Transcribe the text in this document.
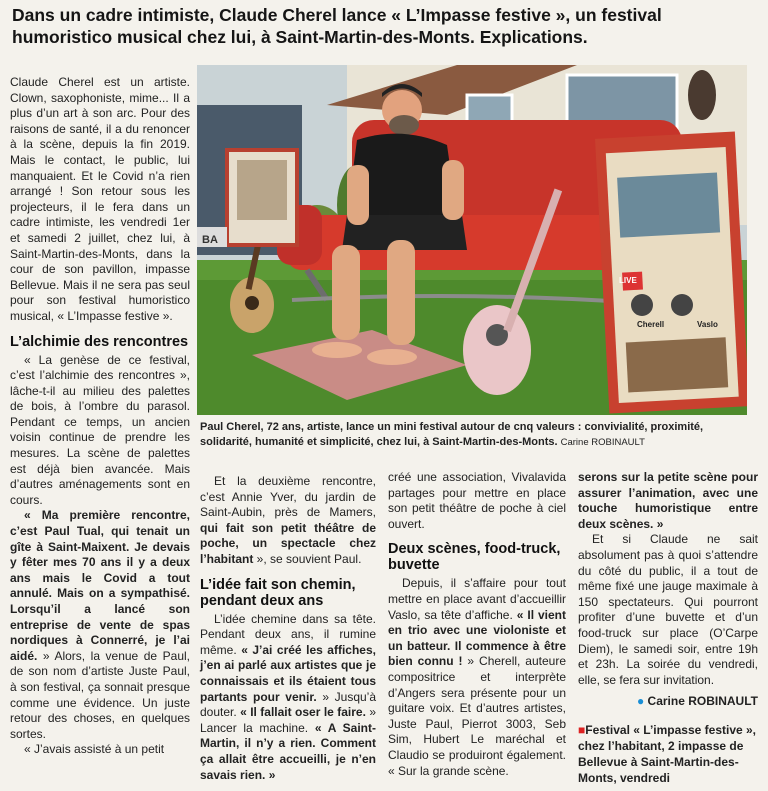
Dans un cadre intimiste, Claude Cherel lance « L’Impasse festive », un festival humoristico musical chez lui, à Saint-Martin-des-Monts. Explications.

Claude Cherel est un artiste. Clown, saxophoniste, mime... Il a plus d’un art à son arc. Pour des raisons de santé, il a du renoncer à la scène, depuis la fin 2019. Mais le contact, le public, lui manquaient. Et le Covid n’a rien arrangé ! Son retour sous les projecteurs, il le fera dans un cadre intimiste, les vendredi 1er et samedi 2 juillet, chez lui, à Saint-Martin-des-Monts, dans la cour de son pavillon, impasse Bellevue. Mais il ne sera pas seul pour son festival humoristico musical, « L’Impasse festive ».

L’alchimie des rencontres

« La genèse de ce festival, c’est l’alchimie des rencontres », lâche-t-il au milieu des palettes de bois, à l’ombre du parasol. Pendant ce temps, un ancien voisin continue de prendre les mesures. La scène de palettes est déjà bien avancée. Mais d’autres aménagements sont en cours.

« Ma première rencontre, c’est Paul Tual, qui tenait un gîte à Saint-Maixent. Je devais y fêter mes 70 ans il y a deux ans mais le Covid a tout annulé. Mais on a sympathisé. Lorsqu’il a lancé son entreprise de vente de spas nordiques à Connerré, je l’ai aidé. » Alors, la venue de Paul, de son nom d’artiste Juste Paul, à son festival, ça sonnait presque comme une évidence. Un juste retour des choses, en quelques sortes.

« J’avais assisté à un petit

BA
LIVE
Cherell	Vaslo
Paul Cherel, 72 ans, artiste, lance un mini festival autour de cnq valeurs : convivialité, proximité, solidarité, humanité et simplicité, chez lui, à Saint-Martin-des-Monts. Carine ROBINAULT

Et la deuxième rencontre, c’est Annie Yver, du jardin de Saint-Aubin, près de Mamers, qui fait son petit théâtre de poche, un spectacle chez l’habitant », se souvient Paul.

L’idée fait son chemin, pendant deux ans

L’idée chemine dans sa tête. Pendant deux ans, il rumine même. « J’ai créé les affiches, j’en ai parlé aux artistes que je connaissais et ils étaient tous partants pour venir. » Jusqu’à douter. « Il fallait oser le faire. » Lancer la machine. « A Saint-Martin, il n’y a rien. Comment ça allait être accueilli, je n’en savais rien. »

créé une association, Vivalavida partages pour mettre en place son petit théâtre de poche à ciel ouvert.

Deux scènes, food-truck, buvette

Depuis, il s’affaire pour tout mettre en place avant d’accueillir Vaslo, sa tête d’affiche. « Il vient en trio avec une violoniste et un batteur. Il commence à être bien connu ! » Cherell, auteure compositrice et interprète d’Angers sera présente pour un guitare voix. Et d’autres artistes, Juste Paul, Pierrot 3003, Seb Sim, Hubert Le maréchal et Claudio se produiront également. « Sur la grande scène.

serons sur la petite scène pour assurer l’animation, avec une touche humoristique entre deux scènes. »

Et si Claude ne sait absolument pas à quoi s’attendre du côté du public, il a tout de même fixé une jauge maximale à 150 spectateurs. Qui pourront profiter d’une buvette et d’un food-truck sur place (O’Carpe Diem), le samedi soir, entre 19h et 23h. La soirée du vendredi, elle, se fera sur invitation.

● Carine ROBINAULT
■Festival « L’impasse festive », chez l’habitant, 2 impasse de Bellevue à Saint-Martin-des-Monts, vendredi
